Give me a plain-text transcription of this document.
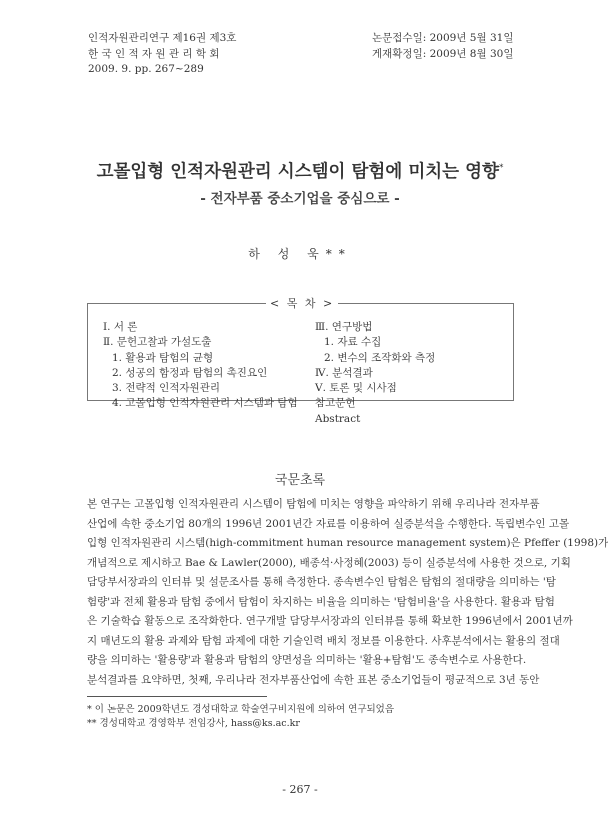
인적자원관리연구 제16권 제3호
한 국 인 적 자 원 관 리 학 회
2009. 9. pp. 267~289
논문접수일: 2009년 5월 31일
게재확정일: 2009년 8월 30일
고몰입형 인적자원관리 시스템이 탐험에 미치는 영향*
- 전자부품 중소기업을 중심으로 -
하 성 욱**
< 목 차 >
Ⅰ. 서 론
Ⅱ. 문헌고찰과 가설도출
1. 활용과 탐험의 균형
2. 성공의 함정과 탐험의 촉진요인
3. 전략적 인적자원관리
4. 고몰입형 인적자원관리 시스템과 탐험
Ⅲ. 연구방법
1. 자료 수집
2. 변수의 조작화와 측정
Ⅳ. 분석결과
Ⅴ. 토론 및 시사점
참고문헌
Abstract
국문초록
본 연구는 고몰입형 인적자원관리 시스템이 탐험에 미치는 영향을 파악하기 위해 우리나라 전자부품
산업에 속한 중소기업 80개의 1996년 2001년간 자료를 이용하여 실증분석을 수행한다. 독립변수인 고몰
입형 인적자원관리 시스템(high-commitment human resource management system)은 Pfeffer (1998)가
개념적으로 제시하고 Bae & Lawler(2000), 배종석·사정혜(2003) 등이 실증분석에 사용한 것으로, 기획
담당부서장과의 인터뷰 및 설문조사를 통해 측정한다. 종속변수인 탐험은 탐험의 절대량을 의미하는 '탐
험량'과 전체 활용과 탐험 중에서 탐험이 차지하는 비율을 의미하는 '탐험비율'을 사용한다. 활용과 탐험
은 기술학습 활동으로 조작화한다. 연구개발 담당부서장과의 인터뷰를 통해 확보한 1996년에서 2001년까
지 매년도의 활용 과제와 탐험 과제에 대한 기술인력 배치 정보를 이용한다. 사후분석에서는 활용의 절대
량을 의미하는 '활용량'과 활용과 탐험의 양면성을 의미하는 '활용+탐험'도 종속변수로 사용한다.
분석결과를 요약하면, 첫째, 우리나라 전자부품산업에 속한 표본 중소기업들이 평균적으로 3년 동안
* 이 논문은 2009학년도 경성대학교 학술연구비지원에 의하여 연구되었음
** 경성대학교 경영학부 전임강사, hass@ks.ac.kr
- 267 -
